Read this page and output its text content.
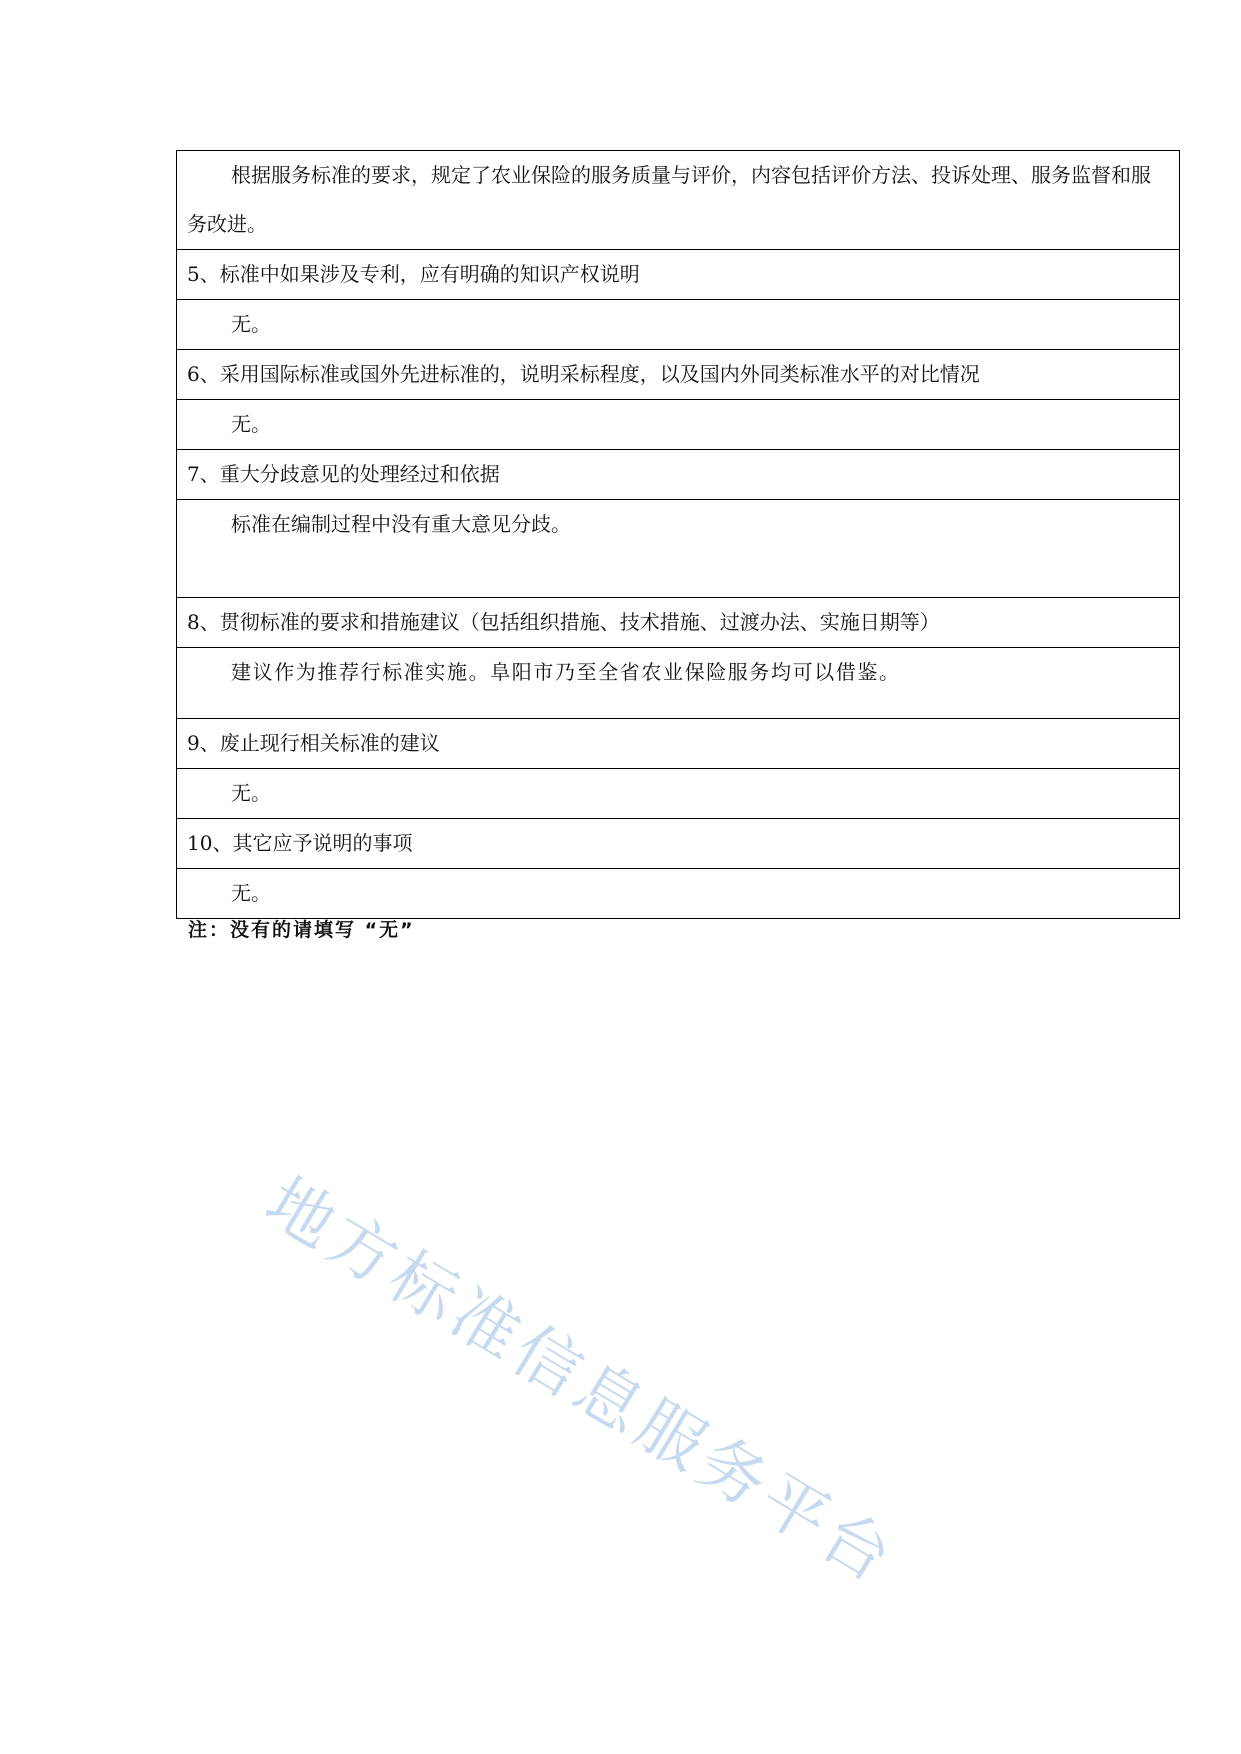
根据服务标准的要求，规定了农业保险的服务质量与评价，内容包括评价方法、投诉处理、服务监督和服务改进。
5、标准中如果涉及专利，应有明确的知识产权说明
无。
6、采用国际标准或国外先进标准的，说明采标程度，以及国内外同类标准水平的对比情况
无。
7、重大分歧意见的处理经过和依据
标准在编制过程中没有重大意见分歧。
8、贯彻标准的要求和措施建议（包括组织措施、技术措施、过渡办法、实施日期等）
建议作为推荐行标准实施。阜阳市乃至全省农业保险服务均可以借鉴。
9、废止现行相关标准的建议
无。
10、其它应予说明的事项
无。
注：没有的请填写 “无”
地方标准信息服务平台
